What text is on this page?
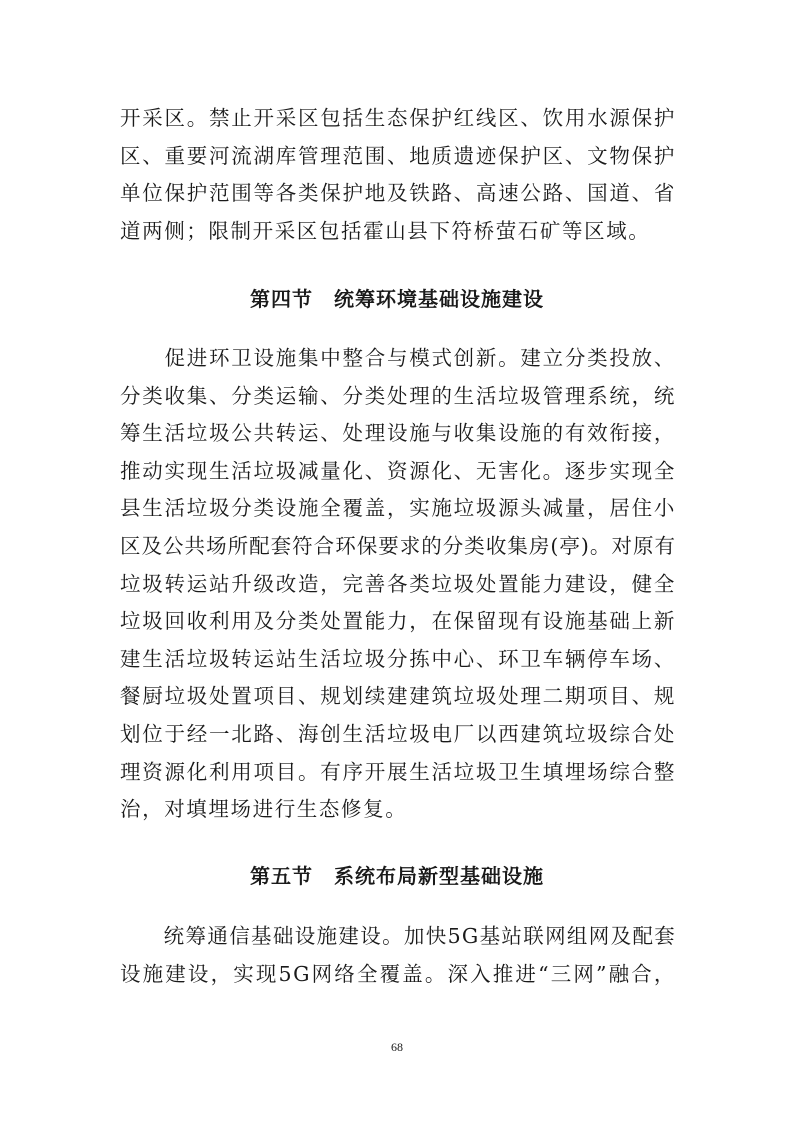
开采区。禁止开采区包括生态保护红线区、饮用水源保护
区、重要河流湖库管理范围、地质遗迹保护区、文物保护
单位保护范围等各类保护地及铁路、高速公路、国道、省
道两侧；限制开采区包括霍山县下符桥萤石矿等区域。
第四节　统筹环境基础设施建设
　　促进环卫设施集中整合与模式创新。建立分类投放、
分类收集、分类运输、分类处理的生活垃圾管理系统，统
筹生活垃圾公共转运、处理设施与收集设施的有效衔接，
推动实现生活垃圾减量化、资源化、无害化。逐步实现全
县生活垃圾分类设施全覆盖，实施垃圾源头减量，居住小
区及公共场所配套符合环保要求的分类收集房(亭)。对原有
垃圾转运站升级改造，完善各类垃圾处置能力建设，健全
垃圾回收利用及分类处置能力，在保留现有设施基础上新
建生活垃圾转运站生活垃圾分拣中心、环卫车辆停车场、
餐厨垃圾处置项目、规划续建建筑垃圾处理二期项目、规
划位于经一北路、海创生活垃圾电厂以西建筑垃圾综合处
理资源化利用项目。有序开展生活垃圾卫生填埋场综合整
治，对填埋场进行生态修复。
第五节　系统布局新型基础设施
　　统筹通信基础设施建设。加快5G基站联网组网及配套
设施建设，实现5G网络全覆盖。深入推进“三网”融合，
68
